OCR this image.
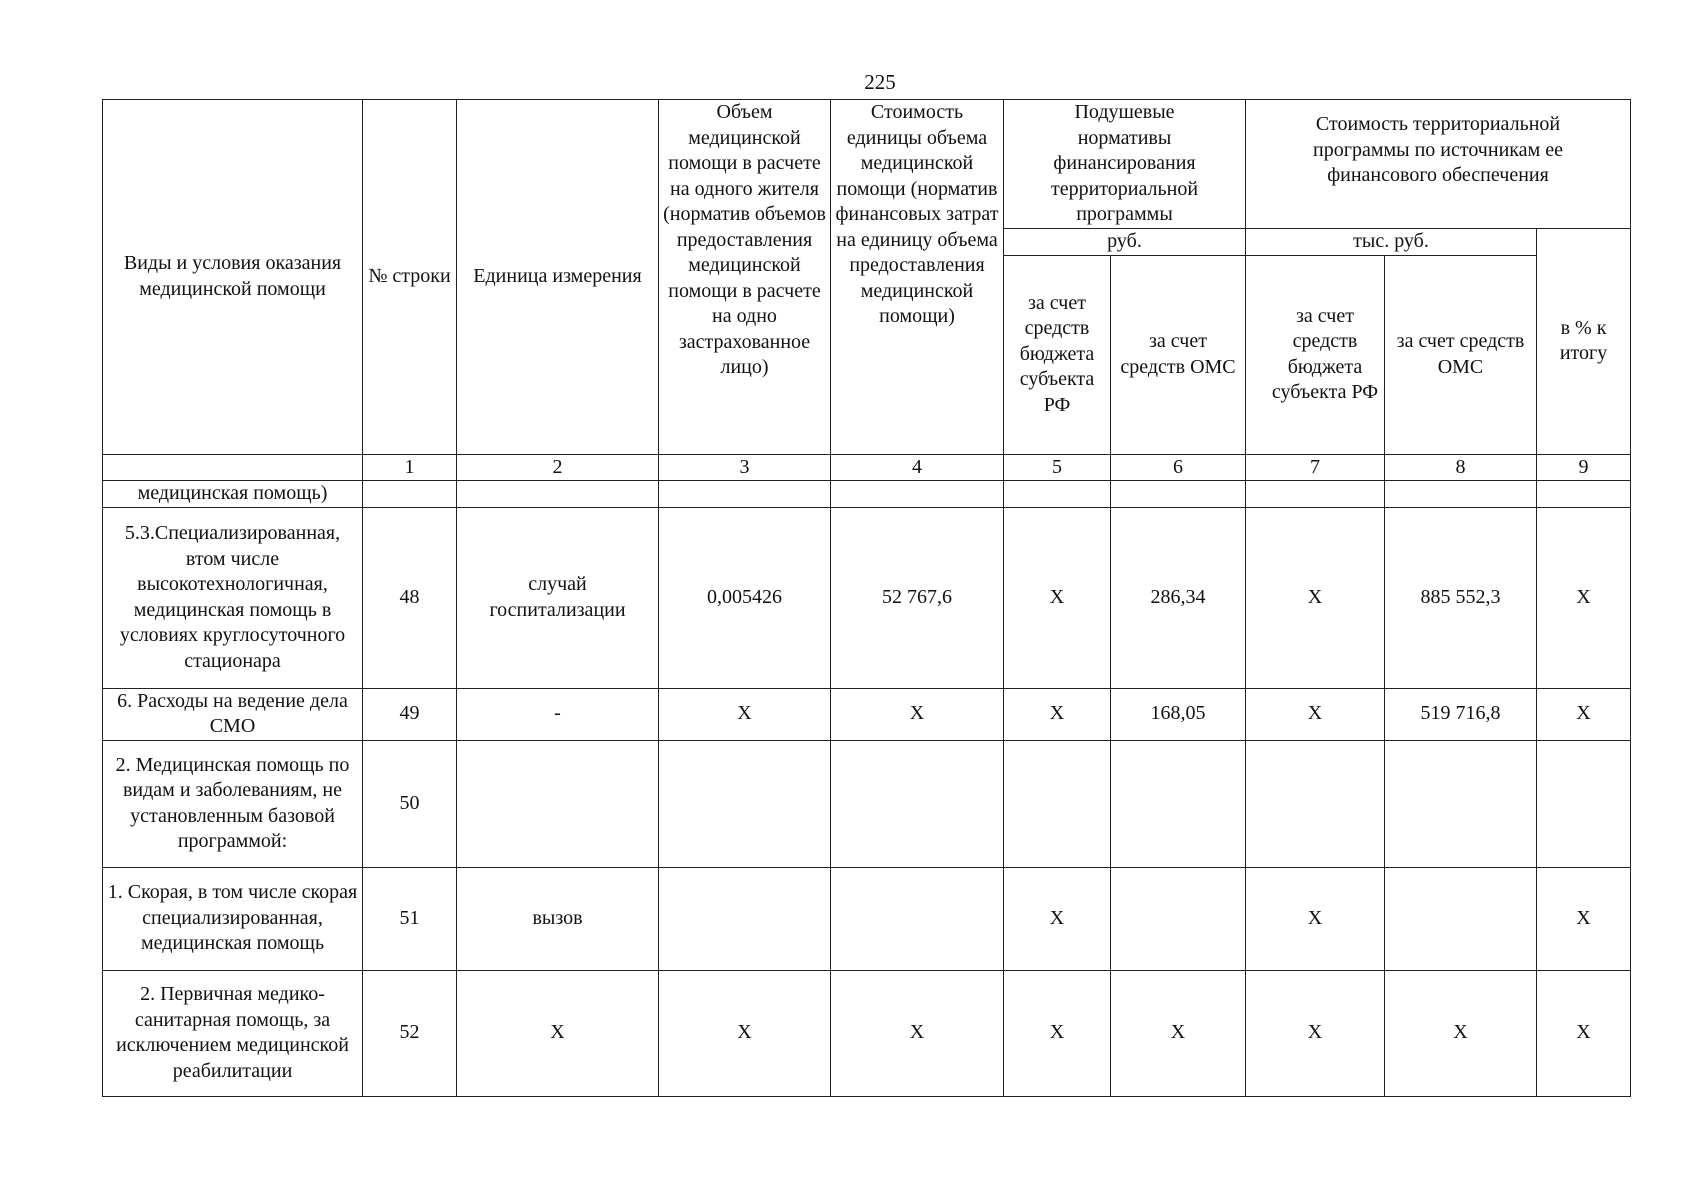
225
Виды и условия оказания медицинской помощи	№ строки	Единица измерения	Объем медицинской помощи в расчете на одного жителя (норматив объемов предоставления медицинской помощи в расчете на одно застрахованное лицо)	Стоимость единицы объема медицинской помощи (норматив финансовых затрат на единицу объема предоставления медицинской помощи)	Подушевые нормативы финансирования территориальной программы		Стоимость территориальной программы по источникам ее финансового обеспечения		
					руб.		тыс. руб.		в % к итогу
					за счет средств бюджета субъекта РФ	за счет средств ОМС	за счет средств бюджета субъекта РФ	за счет средств ОМС	
	1	2	3	4	5	6	7	8	9
медицинская помощь)									
5.3.Специализированная, втом числе высокотехнологичная, медицинская помощь в условиях круглосуточного стационара	48	случай госпитализации	0,005426	52 767,6	X	286,34	X	885 552,3	X
6. Расходы на ведение дела СМО	49	-	X	X	X	168,05	X	519 716,8	X
2. Медицинская помощь по видам и заболеваниям, не установленным базовой программой:	50								
1. Скорая, в том числе скорая специализированная, медицинская помощь	51	вызов			X		X		X
2. Первичная медико-санитарная помощь, за исключением медицинской реабилитации	52	X	X	X	X	X	X	X	X
